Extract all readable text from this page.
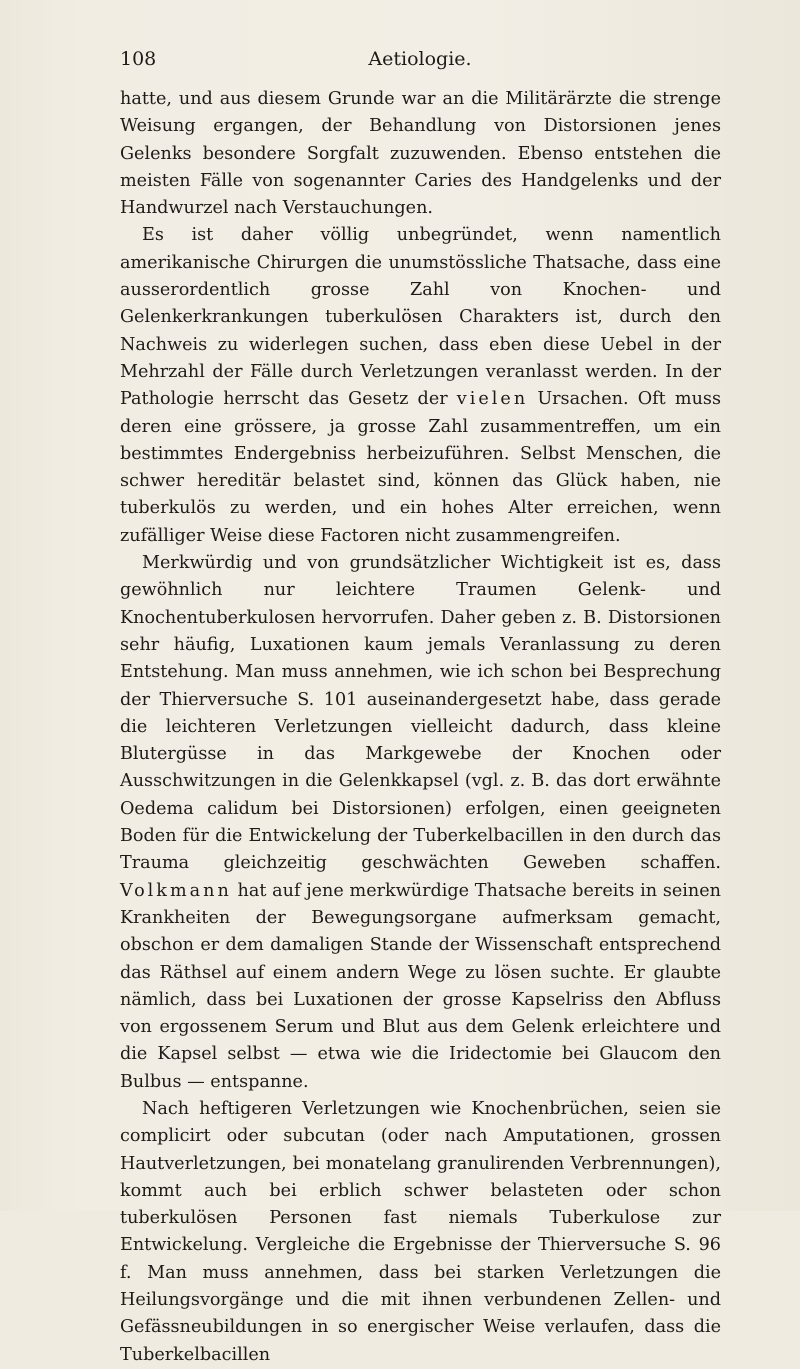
108	Aetiologie.

hatte, und aus diesem Grunde war an die Militärärzte die strenge Weisung ergangen, der Behandlung von Distorsionen jenes Gelenks besondere Sorgfalt zuzuwenden. Ebenso entstehen die meisten Fälle von sogenannter Caries des Handgelenks und der Handwurzel nach Verstauchungen.

Es ist daher völlig unbegründet, wenn namentlich amerikanische Chirurgen die unumstössliche Thatsache, dass eine ausserordentlich grosse Zahl von Knochen- und Gelenkerkrankungen tuberkulösen Charakters ist, durch den Nachweis zu widerlegen suchen, dass eben diese Uebel in der Mehrzahl der Fälle durch Verletzungen veranlasst werden. In der Pathologie herrscht das Gesetz der vielen Ursachen. Oft muss deren eine grössere, ja grosse Zahl zusammentreffen, um ein bestimmtes Endergebniss herbeizuführen. Selbst Menschen, die schwer hereditär belastet sind, können das Glück haben, nie tuberkulös zu werden, und ein hohes Alter erreichen, wenn zufälliger Weise diese Factoren nicht zusammengreifen.

Merkwürdig und von grundsätzlicher Wichtigkeit ist es, dass gewöhnlich nur leichtere Traumen Gelenk- und Knochentuberkulosen hervorrufen. Daher geben z. B. Distorsionen sehr häufig, Luxationen kaum jemals Veranlassung zu deren Entstehung. Man muss annehmen, wie ich schon bei Besprechung der Thierversuche S. 101 auseinandergesetzt habe, dass gerade die leichteren Verletzungen vielleicht dadurch, dass kleine Blutergüsse in das Markgewebe der Knochen oder Ausschwitzungen in die Gelenkkapsel (vgl. z. B. das dort erwähnte Oedema calidum bei Distorsionen) erfolgen, einen geeigneten Boden für die Entwickelung der Tuberkelbacillen in den durch das Trauma gleichzeitig geschwächten Geweben schaffen. Volkmann hat auf jene merkwürdige Thatsache bereits in seinen Krankheiten der Bewegungsorgane aufmerksam gemacht, obschon er dem damaligen Stande der Wissenschaft entsprechend das Räthsel auf einem andern Wege zu lösen suchte. Er glaubte nämlich, dass bei Luxationen der grosse Kapselriss den Abfluss von ergossenem Serum und Blut aus dem Gelenk erleichtere und die Kapsel selbst — etwa wie die Iridectomie bei Glaucom den Bulbus — entspanne.

Nach heftigeren Verletzungen wie Knochenbrüchen, seien sie complicirt oder subcutan (oder nach Amputationen, grossen Hautverletzungen, bei monatelang granulirenden Verbrennungen), kommt auch bei erblich schwer belasteten oder schon tuberkulösen Personen fast niemals Tuberkulose zur Entwickelung. Vergleiche die Ergebnisse der Thierversuche S. 96 f. Man muss annehmen, dass bei starken Verletzungen die Heilungsvorgänge und die mit ihnen verbundenen Zellen- und Gefässneubildungen in so energischer Weise verlaufen, dass die Tuberkelbacillen
